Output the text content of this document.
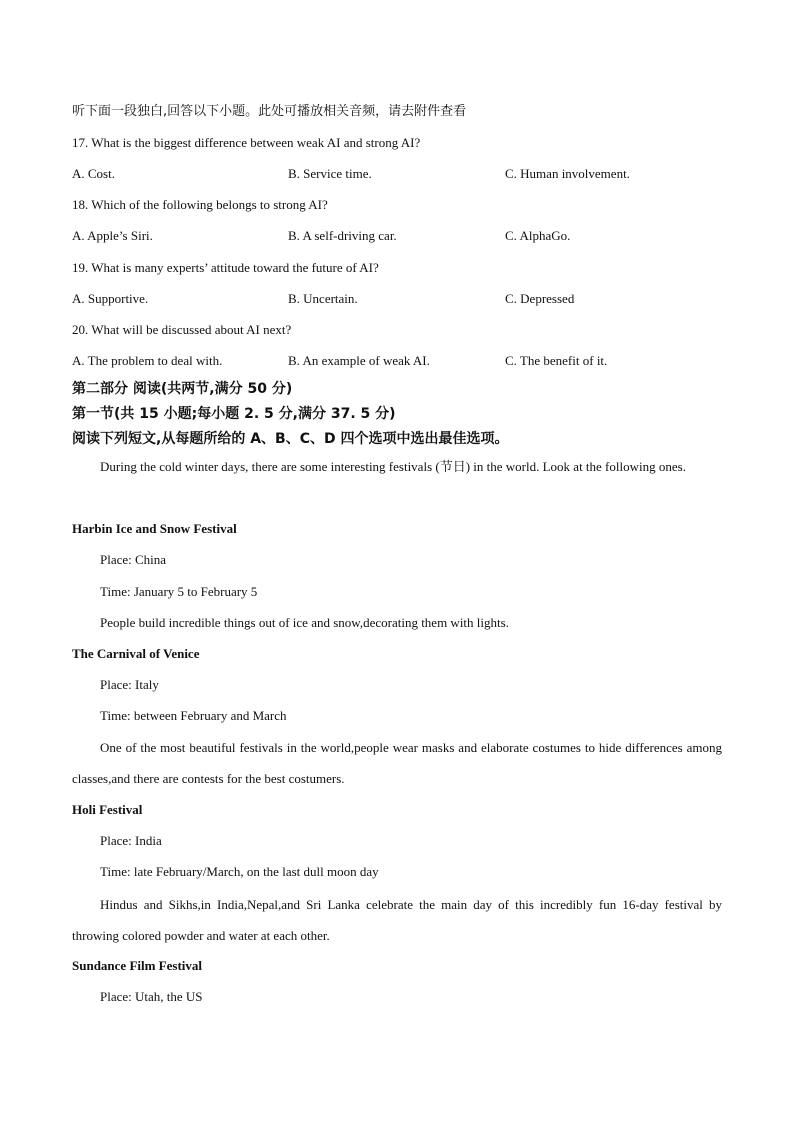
听下面一段独白,回答以下小题。此处可播放相关音频，请去附件查看
17. What is the biggest difference between weak AI and strong AI?
A. Cost.	B. Service time.	C. Human involvement.
18. Which of the following belongs to strong AI?
A. Apple’s Siri.	B. A self-driving car.	C. AlphaGo.
19. What is many experts’ attitude toward the future of AI?
A. Supportive.	B. Uncertain.	C. Depressed
20. What will be discussed about AI next?
A. The problem to deal with.	B. An example of weak AI.	C. The benefit of it.
第二部分 阅读(共两节,满分 50 分)
第一节(共 15 小题;每小题 2. 5 分,满分 37. 5 分)
阅读下列短文,从每题所给的 A、B、C、D 四个选项中选出最佳选项。
During the cold winter days, there are some interesting festivals (节日) in the world. Look at the following ones.
Harbin Ice and Snow Festival
Place: China
Time: January 5 to February 5
People build incredible things out of ice and snow,decorating them with lights.
The Carnival of Venice
Place: Italy
Time: between February and March
One of the most beautiful festivals in the world,people wear masks and elaborate costumes to hide differences among classes,and there are contests for the best costumers.
Holi Festival
Place: India
Time: late February/March, on the last dull moon day
Hindus and Sikhs,in India,Nepal,and Sri Lanka celebrate the main day of this incredibly fun 16-day festival by throwing colored powder and water at each other.
Sundance Film Festival
Place: Utah, the US
